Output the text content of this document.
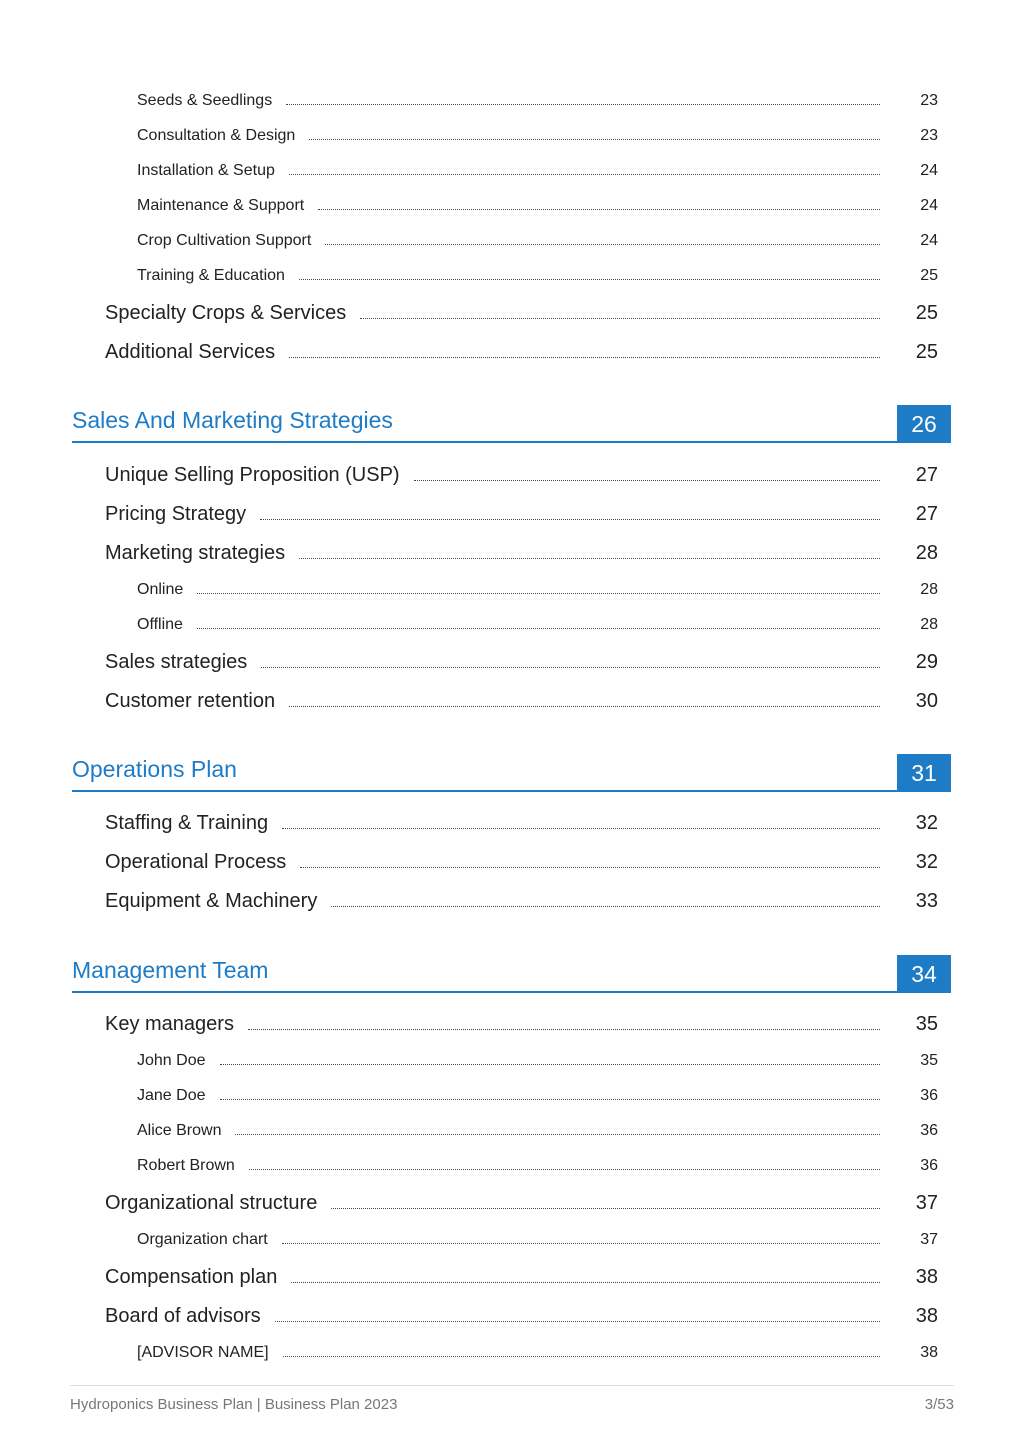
Seeds & Seedlings	23
Consultation & Design	23
Installation & Setup	24
Maintenance & Support	24
Crop Cultivation Support	24
Training & Education	25
Specialty Crops & Services	25
Additional Services	25
Sales And Marketing Strategies	26
Unique Selling Proposition (USP)	27
Pricing Strategy	27
Marketing strategies	28
Online	28
Offline	28
Sales strategies	29
Customer retention	30
Operations Plan	31
Staffing & Training	32
Operational Process	32
Equipment & Machinery	33
Management Team	34
Key managers	35
John Doe	35
Jane Doe	36
Alice Brown	36
Robert Brown	36
Organizational structure	37
Organization chart	37
Compensation plan	38
Board of advisors	38
[ADVISOR NAME]	38
Hydroponics Business Plan | Business Plan 2023	3/53
